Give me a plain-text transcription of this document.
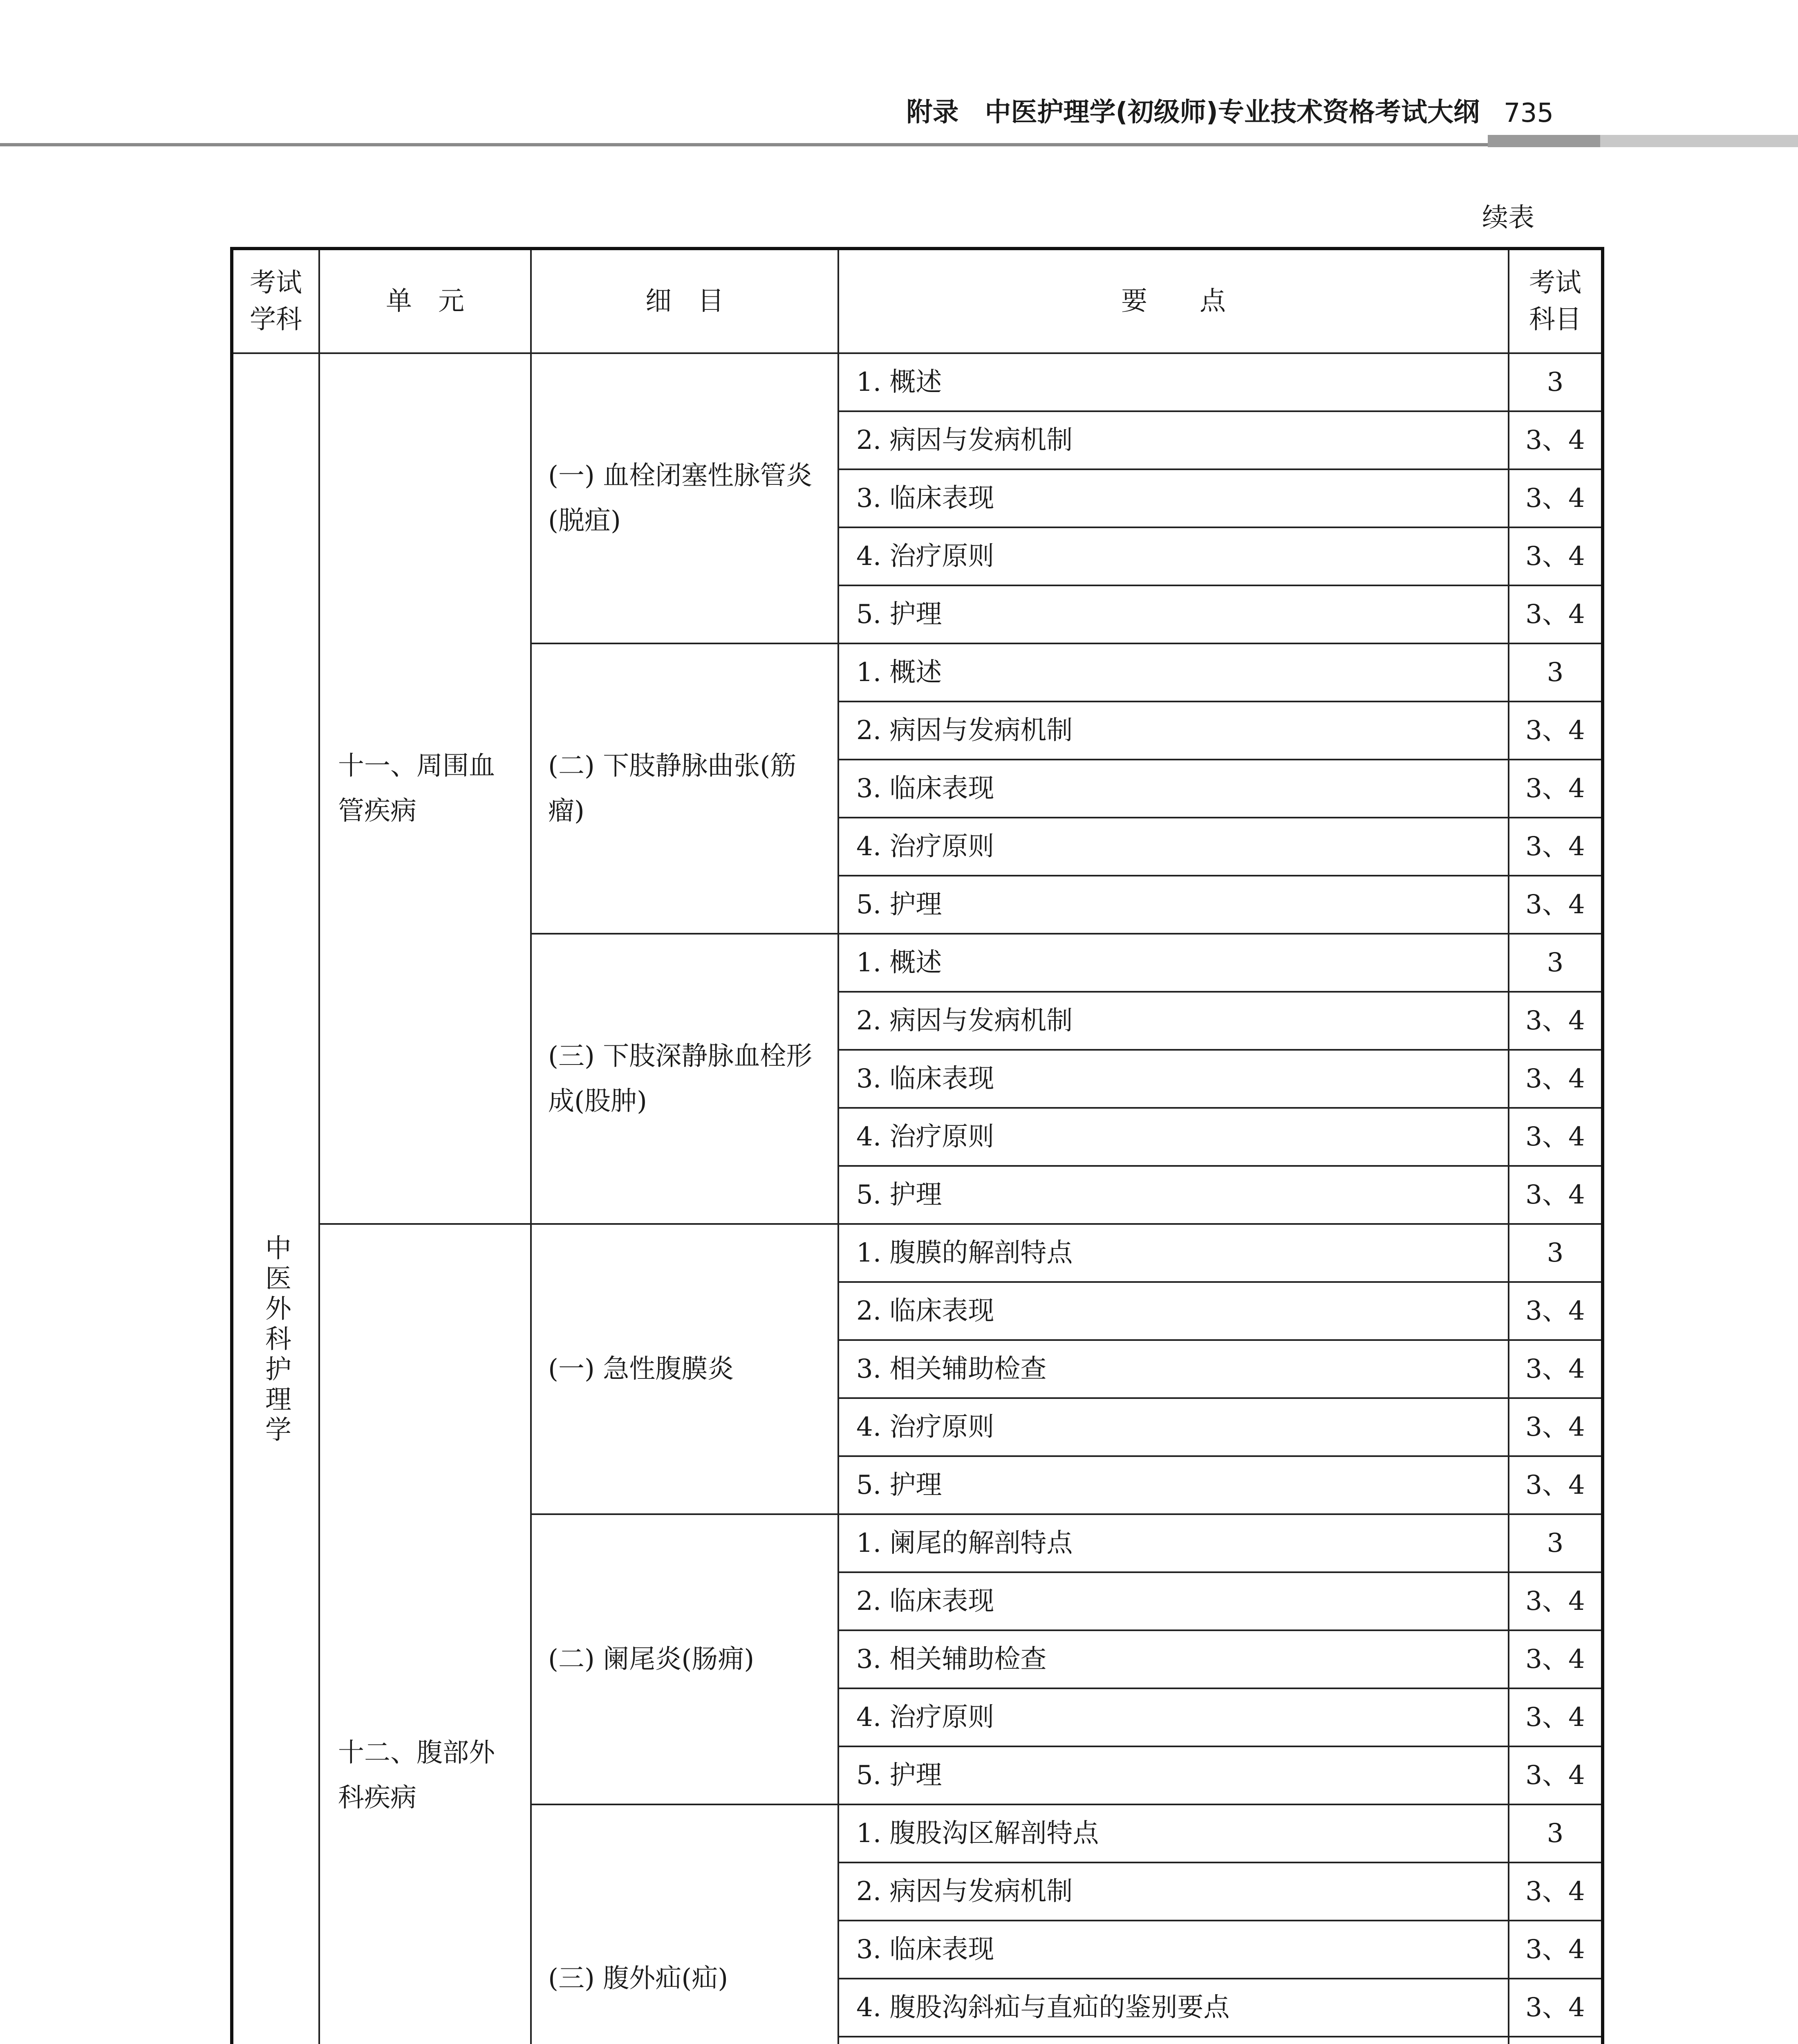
附录　中医护理学(初级师)专业技术资格考试大纲 735
续表
考试学科	单　元	细　目	要　　点	考试科目
中医外科护理学	十一、周围血管疾病	(一) 血栓闭塞性脉管炎(脱疽)	1. 概述	3
			2. 病因与发病机制	3、4
			3. 临床表现	3、4
			4. 治疗原则	3、4
			5. 护理	3、4
		(二) 下肢静脉曲张(筋瘤)	1. 概述	3
			2. 病因与发病机制	3、4
			3. 临床表现	3、4
			4. 治疗原则	3、4
			5. 护理	3、4
		(三) 下肢深静脉血栓形成(股肿)	1. 概述	3
			2. 病因与发病机制	3、4
			3. 临床表现	3、4
			4. 治疗原则	3、4
			5. 护理	3、4
	十二、腹部外科疾病	(一) 急性腹膜炎	1. 腹膜的解剖特点	3
			2. 临床表现	3、4
			3. 相关辅助检查	3、4
			4. 治疗原则	3、4
			5. 护理	3、4
		(二) 阑尾炎(肠痈)	1. 阑尾的解剖特点	3
			2. 临床表现	3、4
			3. 相关辅助检查	3、4
			4. 治疗原则	3、4
			5. 护理	3、4
		(三) 腹外疝(疝)	1. 腹股沟区解剖特点	3
			2. 病因与发病机制	3、4
			3. 临床表现	3、4
			4. 腹股沟斜疝与直疝的鉴别要点	3、4
